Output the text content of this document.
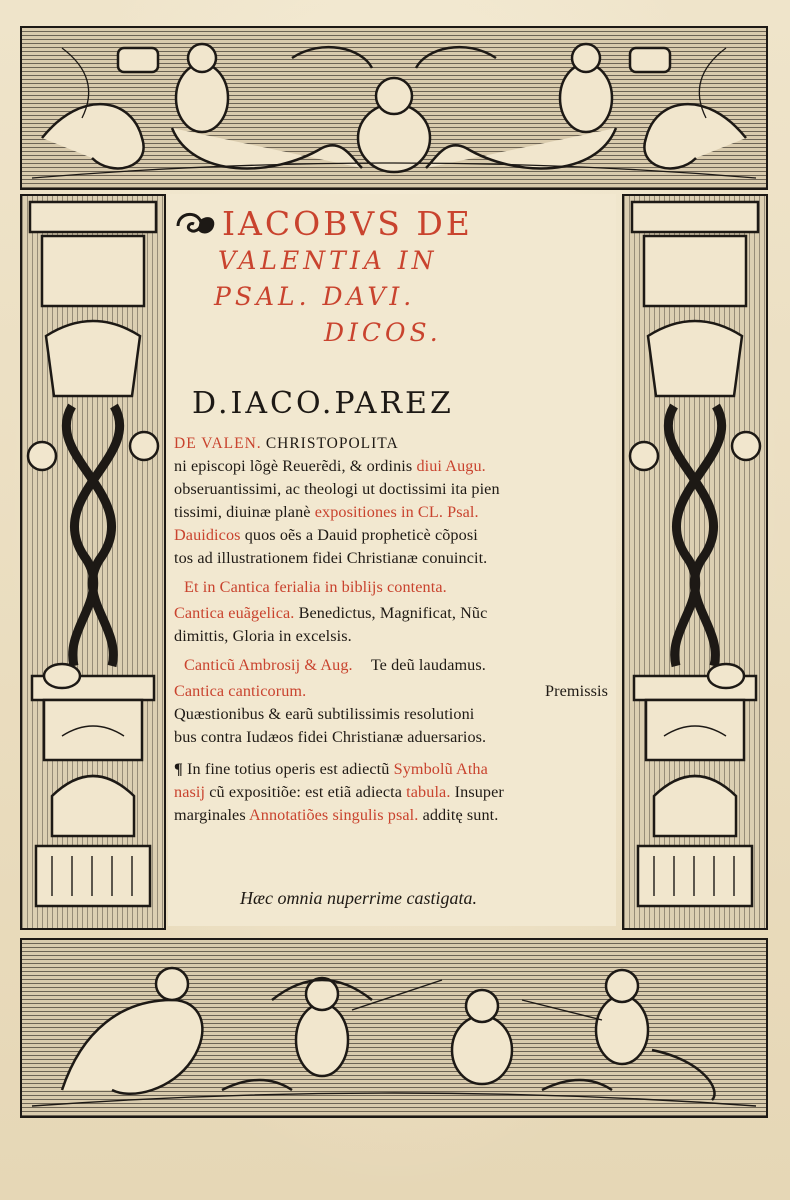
IACOBVS DE
VALENTIA IN
PSAL. DAVI.
DICOS.
D.IACO.PAREZ
DE VALEN. CHRISTOPOLITA
ni episcopi lõgè Reuerẽdi, & ordinis diui Augu.
obseruantissimi, ac theologi ut doctissimi ita pien
tissimi, diuinæ planè expositiones in CL. Psal.
Dauidicos quos oẽs a Dauid propheticè cõposi
tos ad illustrationem fidei Christianæ conuincit.
Et in Cantica ferialia in biblijs contenta.
Cantica euãgelica. Benedictus, Magnificat, Nũc
dimittis, Gloria in excelsis.
Canticũ Ambrosij & Aug. Te deũ laudamus.
Cantica canticorum.	Premissis
Quæstionibus & earũ subtilissimis resolutioni
bus contra Iudæos fidei Christianæ aduersarios.
¶ In fine totius operis est adiectũ Symbolũ Atha
nasij cũ expositiõe: est etiã adiecta tabula. Insuper
marginales Annotatiões singulis psal. additę sunt.
Hæc omnia nuperrime castigata.
